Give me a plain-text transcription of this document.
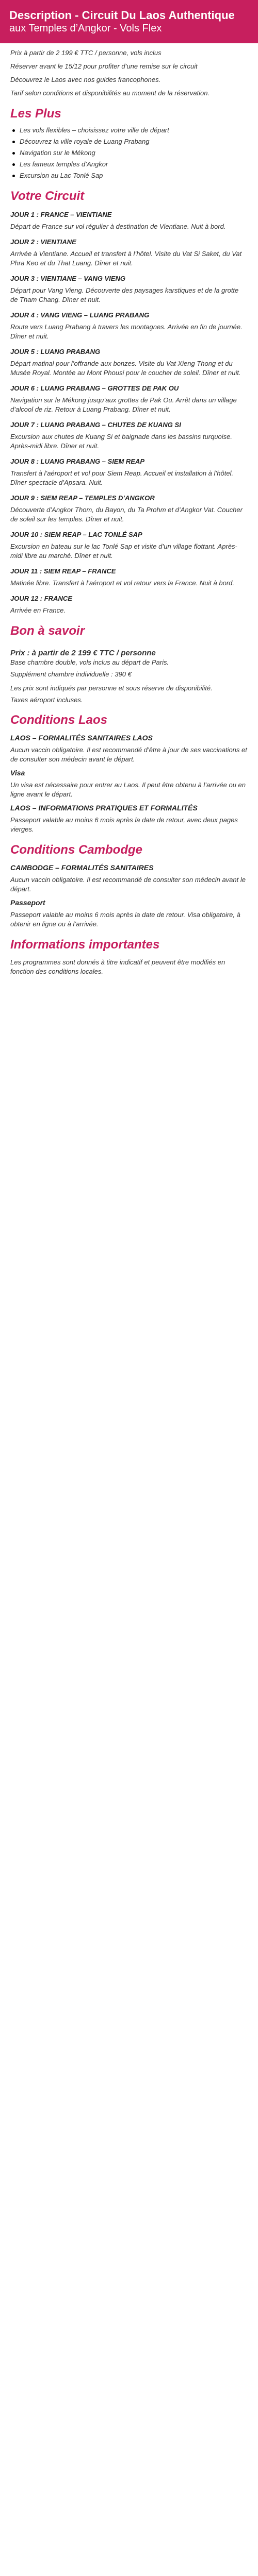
Description - Circuit Du Laos Authentique
aux Temples d’Angkor - Vols Flex
Prix à partir de 2 199 € TTC / personne, vols inclus
Réserver avant le 15/12 pour profiter d’une remise sur le circuit
Découvrez le Laos avec nos guides francophones.
Tarif selon conditions et disponibilités au moment de la réservation.
Les Plus
Les vols flexibles – choisissez votre ville de départ
Découvrez la ville royale de Luang Prabang
Navigation sur le Mékong
Les fameux temples d’Angkor
Excursion au Lac Tonlé Sap
Votre Circuit
JOUR 1 : FRANCE – VIENTIANE

Départ de France sur vol régulier à destination de Vientiane. Nuit à bord.

JOUR 2 : VIENTIANE

Arrivée à Vientiane. Accueil et transfert à l’hôtel. Visite du Vat Si Saket, du Vat Phra Keo et du That Luang. Dîner et nuit.

JOUR 3 : VIENTIANE – VANG VIENG

Départ pour Vang Vieng. Découverte des paysages karstiques et de la grotte de Tham Chang. Dîner et nuit.

JOUR 4 : VANG VIENG – LUANG PRABANG

Route vers Luang Prabang à travers les montagnes. Arrivée en fin de journée. Dîner et nuit.

JOUR 5 : LUANG PRABANG

Départ matinal pour l’offrande aux bonzes. Visite du Vat Xieng Thong et du Musée Royal. Montée au Mont Phousi pour le coucher de soleil. Dîner et nuit.

JOUR 6 : LUANG PRABANG – GROTTES DE PAK OU

Navigation sur le Mékong jusqu’aux grottes de Pak Ou. Arrêt dans un village d’alcool de riz. Retour à Luang Prabang. Dîner et nuit.

JOUR 7 : LUANG PRABANG – CHUTES DE KUANG SI

Excursion aux chutes de Kuang Si et baignade dans les bassins turquoise. Après-midi libre. Dîner et nuit.

JOUR 8 : LUANG PRABANG – SIEM REAP

Transfert à l’aéroport et vol pour Siem Reap. Accueil et installation à l’hôtel. Dîner spectacle d’Apsara. Nuit.

JOUR 9 : SIEM REAP – TEMPLES D’ANGKOR

Découverte d’Angkor Thom, du Bayon, du Ta Prohm et d’Angkor Vat. Coucher de soleil sur les temples. Dîner et nuit.

JOUR 10 : SIEM REAP – LAC TONLÉ SAP

Excursion en bateau sur le lac Tonlé Sap et visite d’un village flottant. Après-midi libre au marché. Dîner et nuit.

JOUR 11 : SIEM REAP – FRANCE

Matinée libre. Transfert à l’aéroport et vol retour vers la France. Nuit à bord.

JOUR 12 : FRANCE

Arrivée en France.

Bon à savoir
Prix : à partir de 2 199 € TTC / personne
Base chambre double, vols inclus au départ de Paris.
Supplément chambre individuelle : 390 €
Les prix sont indiqués par personne et sous réserve de disponibilité.
Taxes aéroport incluses.
Conditions Laos
LAOS – FORMALITÉS SANITAIRES LAOS

Aucun vaccin obligatoire. Il est recommandé d’être à jour de ses vaccinations et de consulter son médecin avant le départ.

Visa

Un visa est nécessaire pour entrer au Laos. Il peut être obtenu à l’arrivée ou en ligne avant le départ.

LAOS – INFORMATIONS PRATIQUES ET FORMALITÉS

Passeport valable au moins 6 mois après la date de retour, avec deux pages vierges.

Conditions Cambodge
CAMBODGE – FORMALITÉS SANITAIRES

Aucun vaccin obligatoire. Il est recommandé de consulter son médecin avant le départ.

Passeport

Passeport valable au moins 6 mois après la date de retour. Visa obligatoire, à obtenir en ligne ou à l’arrivée.

Informations importantes

Les programmes sont donnés à titre indicatif et peuvent être modifiés en fonction des conditions locales.
